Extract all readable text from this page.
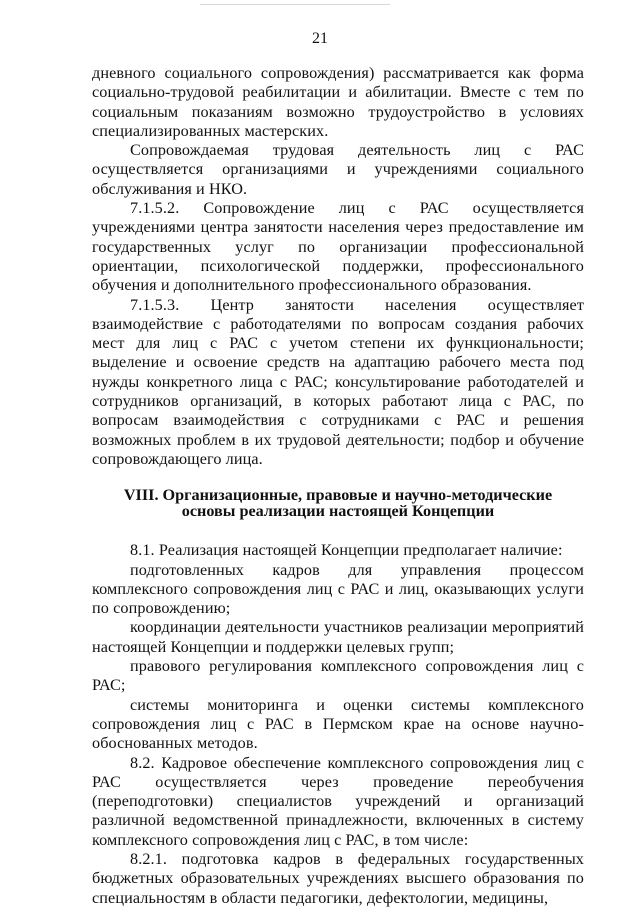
21

дневного социального сопровождения) рассматривается как форма социально-трудовой реабилитации и абилитации. Вместе с тем по социальным показаниям возможно трудоустройство в условиях специализированных мастерских.

Сопровождаемая трудовая деятельность лиц с РАС осуществляется организациями и учреждениями социального обслуживания и НКО.

7.1.5.2. Сопровождение лиц с РАС осуществляется учреждениями центра занятости населения через предоставление им государственных услуг по организации профессиональной ориентации, психологической поддержки, профессионального обучения и дополнительного профессионального образования.

7.1.5.3. Центр занятости населения осуществляет взаимодействие с работодателями по вопросам создания рабочих мест для лиц с РАС с учетом степени их функциональности; выделение и освоение средств на адаптацию рабочего места под нужды конкретного лица с РАС; консультирование работодателей и сотрудников организаций, в которых работают лица с РАС, по вопросам взаимодействия с сотрудниками с РАС и решения возможных проблем в их трудовой деятельности; подбор и обучение сопровождающего лица.

VIII. Организационные, правовые и научно-методические
основы реализации настоящей Концепции

8.1. Реализация настоящей Концепции предполагает наличие:

подготовленных кадров для управления процессом комплексного сопровождения лиц с РАС и лиц, оказывающих услуги по сопровождению;

координации деятельности участников реализации мероприятий настоящей Концепции и поддержки целевых групп;

правового регулирования комплексного сопровождения лиц с РАС;

системы мониторинга и оценки системы комплексного сопровождения лиц с РАС в Пермском крае на основе научно-обоснованных методов.

8.2. Кадровое обеспечение комплексного сопровождения лиц с РАС осуществляется через проведение переобучения (переподготовки) специалистов учреждений и организаций различной ведомственной принадлежности, включенных в систему комплексного сопровождения лиц с РАС, в том числе:

8.2.1. подготовка кадров в федеральных государственных бюджетных образовательных учреждениях высшего образования по специальностям в области педагогики, дефектологии, медицины,
